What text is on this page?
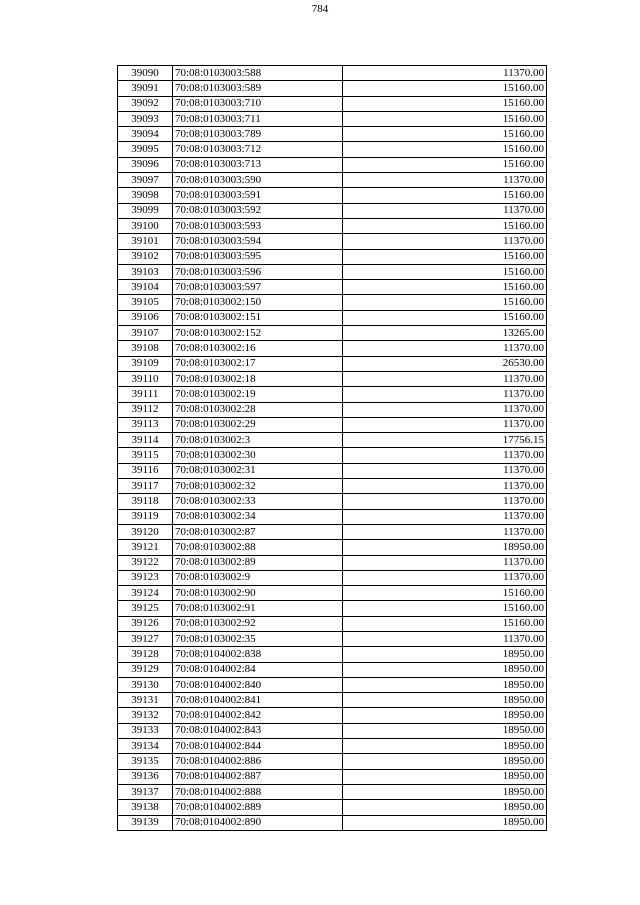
784
39090	70:08:0103003:588	11370.00
39091	70:08:0103003:589	15160.00
39092	70:08:0103003:710	15160.00
39093	70:08:0103003:711	15160.00
39094	70:08:0103003:789	15160.00
39095	70:08:0103003:712	15160.00
39096	70:08:0103003:713	15160.00
39097	70:08:0103003:590	11370.00
39098	70:08:0103003:591	15160.00
39099	70:08:0103003:592	11370.00
39100	70:08:0103003:593	15160.00
39101	70:08:0103003:594	11370.00
39102	70:08:0103003:595	15160.00
39103	70:08:0103003:596	15160.00
39104	70:08:0103003:597	15160.00
39105	70:08:0103002:150	15160.00
39106	70:08:0103002:151	15160.00
39107	70:08:0103002:152	13265.00
39108	70:08:0103002:16	11370.00
39109	70:08:0103002:17	26530.00
39110	70:08:0103002:18	11370.00
39111	70:08:0103002:19	11370.00
39112	70:08:0103002:28	11370.00
39113	70:08:0103002:29	11370.00
39114	70:08:0103002:3	17756.15
39115	70:08:0103002:30	11370.00
39116	70:08:0103002:31	11370.00
39117	70:08:0103002:32	11370.00
39118	70:08:0103002:33	11370.00
39119	70:08:0103002:34	11370.00
39120	70:08:0103002:87	11370.00
39121	70:08:0103002:88	18950.00
39122	70:08:0103002:89	11370.00
39123	70:08:0103002:9	11370.00
39124	70:08:0103002:90	15160.00
39125	70:08:0103002:91	15160.00
39126	70:08:0103002:92	15160.00
39127	70:08:0103002:35	11370.00
39128	70:08:0104002:838	18950.00
39129	70:08:0104002:84	18950.00
39130	70:08:0104002:840	18950.00
39131	70:08:0104002:841	18950.00
39132	70:08:0104002:842	18950.00
39133	70:08:0104002:843	18950.00
39134	70:08:0104002:844	18950.00
39135	70:08:0104002:886	18950.00
39136	70:08:0104002:887	18950.00
39137	70:08:0104002:888	18950.00
39138	70:08:0104002:889	18950.00
39139	70:08:0104002:890	18950.00
